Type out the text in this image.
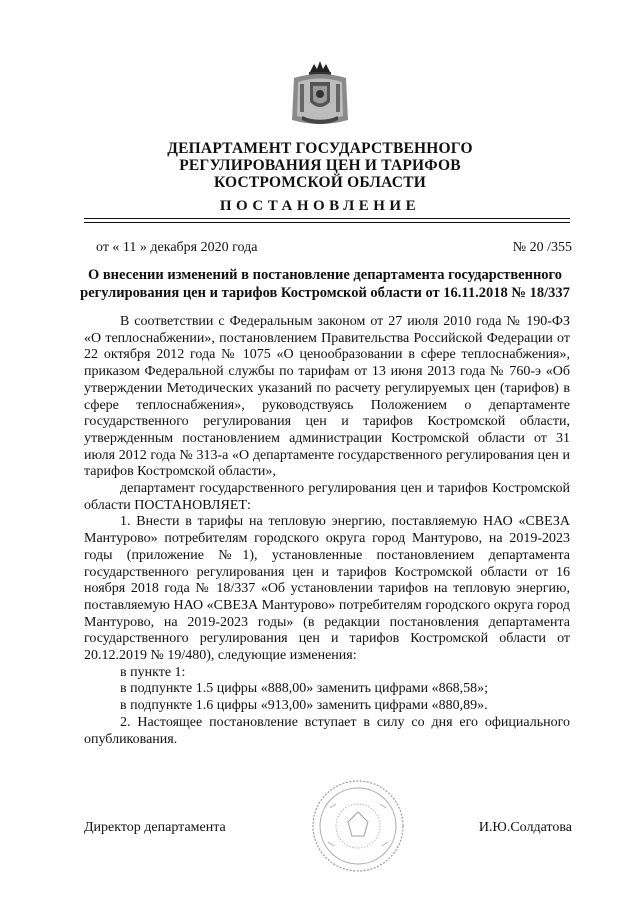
ДЕПАРТАМЕНТ ГОСУДАРСТВЕННОГО
РЕГУЛИРОВАНИЯ ЦЕН И ТАРИФОВ
КОСТРОМСКОЙ ОБЛАСТИ
ПОСТАНОВЛЕНИЕ
от « 11 » декабря 2020 года	№ 20 /355
О внесении изменений в постановление департамента государственного регулирования цен и тарифов Костромской области от 16.11.2018 № 18/337

В соответствии с Федеральным законом от 27 июля 2010 года № 190-ФЗ «О теплоснабжении», постановлением Правительства Российской Федерации от 22 октября 2012 года № 1075 «О ценообразовании в сфере теплоснабжения», приказом Федеральной службы по тарифам от 13 июня 2013 года № 760-э «Об утверждении Методических указаний по расчету регулируемых цен (тарифов) в сфере теплоснабжения», руководствуясь Положением о департаменте государственного регулирования цен и тарифов Костромской области, утвержденным постановлением администрации Костромской области от 31 июля 2012 года № 313-а «О департаменте государственного регулирования цен и тарифов Костромской области»,

департамент государственного регулирования цен и тарифов Костромской области ПОСТАНОВЛЯЕТ:

1. Внести в тарифы на тепловую энергию, поставляемую НАО «СВЕЗА Мантурово» потребителям городского округа город Мантурово, на 2019-2023 годы (приложение №1), установленные постановлением департамента государственного регулирования цен и тарифов Костромской области от 16 ноября 2018 года № 18/337 «Об установлении тарифов на тепловую энергию, поставляемую НАО «СВЕЗА Мантурово» потребителям городского округа город Мантурово, на 2019-2023 годы» (в редакции постановления департамента государственного регулирования цен и тарифов Костромской области от 20.12.2019 № 19/480), следующие изменения:

в пункте 1:

в подпункте 1.5 цифры «888,00» заменить цифрами «868,58»;

в подпункте 1.6 цифры «913,00» заменить цифрами «880,89».

2. Настоящее постановление вступает в силу со дня его официального опубликования.

Директор департамента	И.Ю.Солдатова
